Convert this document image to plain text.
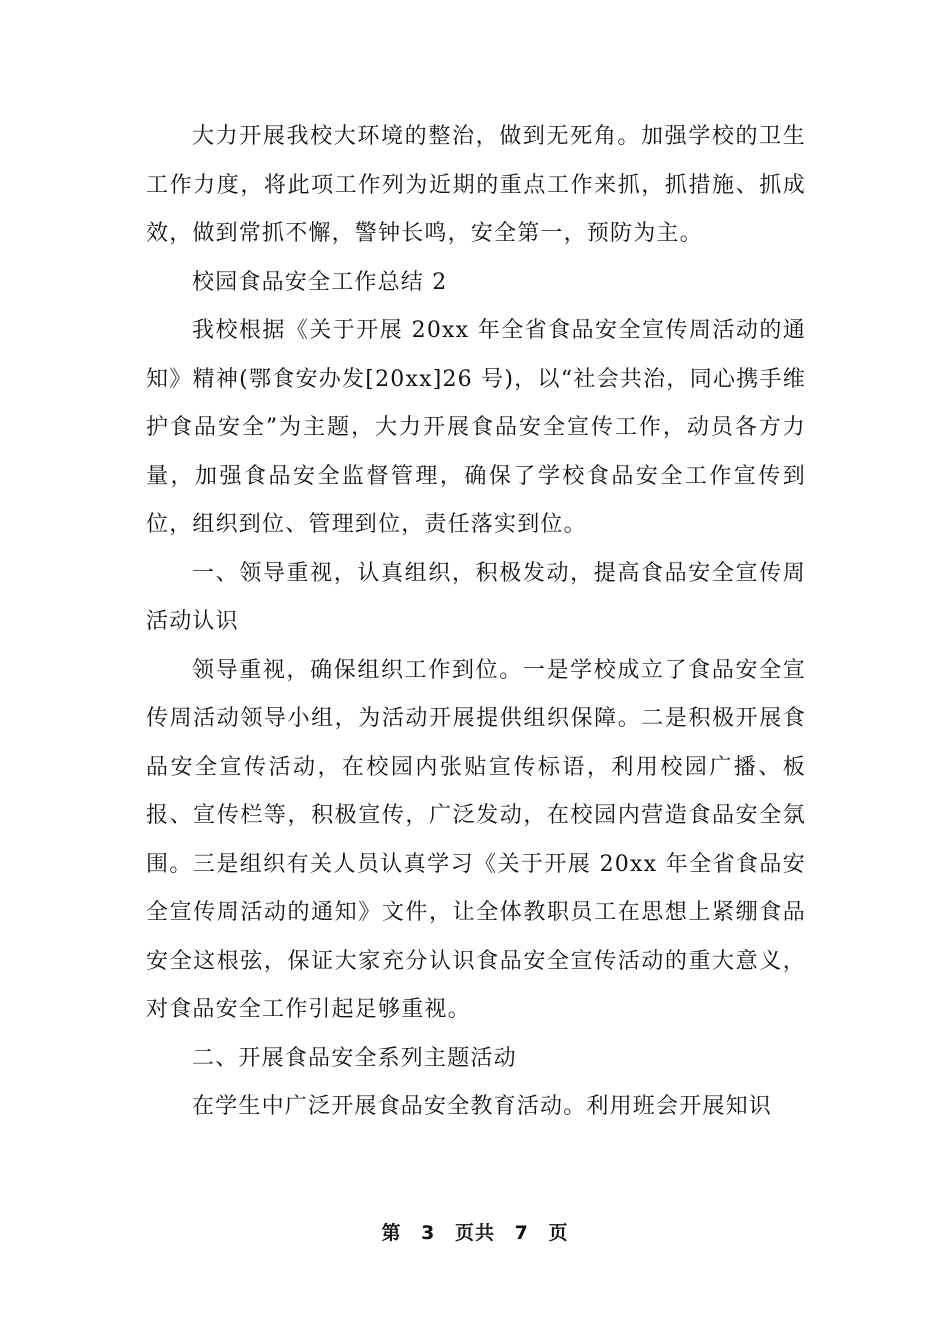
大力开展我校大环境的整治，做到无死角。加强学校的卫生工作力度，将此项工作列为近期的重点工作来抓，抓措施、抓成效，做到常抓不懈，警钟长鸣，安全第一，预防为主。

校园食品安全工作总结 2

我校根据《关于开展 20xx 年全省食品安全宣传周活动的通知》精神(鄂食安办发[20xx]26 号)，以“社会共治，同心携手维护食品安全”为主题，大力开展食品安全宣传工作，动员各方力量，加强食品安全监督管理，确保了学校食品安全工作宣传到位，组织到位、管理到位，责任落实到位。

一、领导重视，认真组织，积极发动，提高食品安全宣传周活动认识

领导重视，确保组织工作到位。一是学校成立了食品安全宣传周活动领导小组，为活动开展提供组织保障。二是积极开展食品安全宣传活动，在校园内张贴宣传标语，利用校园广播、板报、宣传栏等，积极宣传，广泛发动，在校园内营造食品安全氛围。三是组织有关人员认真学习《关于开展 20xx 年全省食品安全宣传周活动的通知》文件，让全体教职员工在思想上紧绷食品安全这根弦，保证大家充分认识食品安全宣传活动的重大意义，对食品安全工作引起足够重视。

二、开展食品安全系列主题活动

在学生中广泛开展食品安全教育活动。利用班会开展知识

第 3 页共 7 页
